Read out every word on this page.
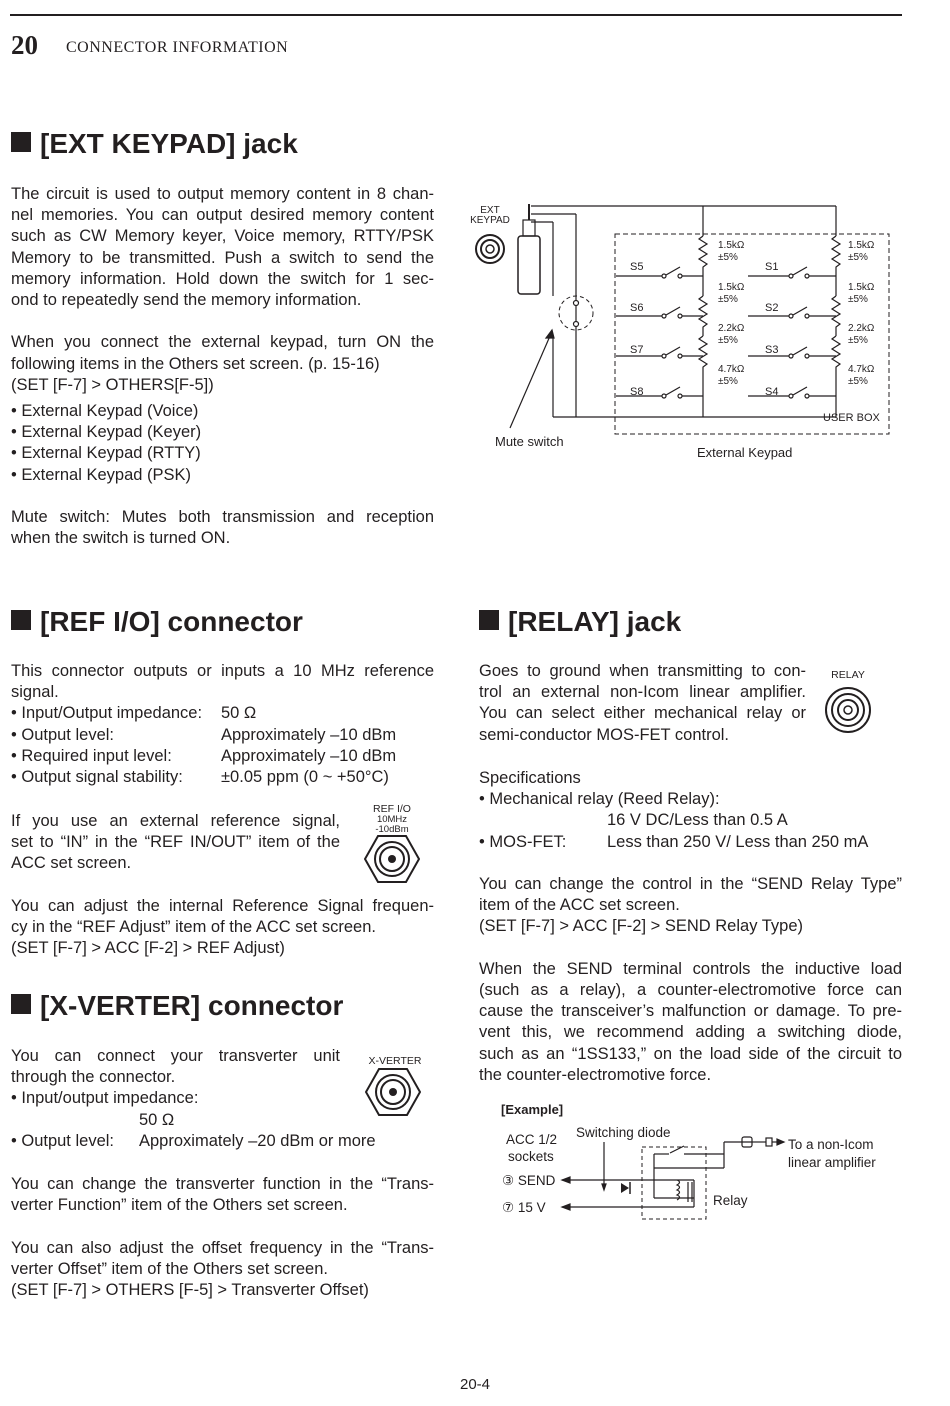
20 CONNECTOR INFORMATION
[EXT KEYPAD] jack
The circuit is used to output memory content in 8 chan-
nel memories. You can output desired memory content
such as CW Memory keyer, Voice memory, RTTY/PSK
Memory to be transmitted. Push a switch to send the
memory information. Hold down the switch for 1 sec-
ond to repeatedly send the memory information.
When you connect the external keypad, turn ON the
following items in the Others set screen. (p. 15-16)
(SET [F-7] > OTHERS[F-5])
• External Keypad (Voice)
• External Keypad (Keyer)
• External Keypad (RTTY)
• External Keypad (PSK)
Mute switch: Mutes both transmission and reception
when the switch is turned ON.
EXT
KEYPAD
S5
S6
S7
S8
S1
S2
S3
S4
1.5kΩ
±5%
1.5kΩ
±5%
2.2kΩ
±5%
4.7kΩ
±5%
1.5kΩ
±5%
1.5kΩ
±5%
2.2kΩ
±5%
4.7kΩ
±5%
USER BOX
Mute switch
External Keypad
[REF I/O] connector
This connector outputs or inputs a 10 MHz reference
signal.
• Input/Output impedance: 50 Ω
• Output level:	Approximately –10 dBm
• Required input level:	Approximately –10 dBm
• Output signal stability: ±0.05 ppm (0 ~ +50°C)
If you use an external reference signal,
set to “IN” in the “REF IN/OUT” item of the
ACC set screen.
REF I/O
10MHz
-10dBm
You can adjust the internal Reference Signal frequen-
cy in the “REF Adjust” item of the ACC set screen.
(SET [F-7] > ACC [F-2] > REF Adjust)
[X-VERTER] connector
You can connect your transverter unit
through the connector.
• Input/output impedance:
50 Ω
• Output level: Approximately –20 dBm or more
X-VERTER
You can change the transverter function in the “Trans-
verter Function” item of the Others set screen.
You can also adjust the offset frequency in the “Trans-
verter Offset” item of the Others set screen.
(SET [F-7] > OTHERS [F-5] > Transverter Offset)
[RELAY] jack
Goes to ground when transmitting to con-
trol an external non-Icom linear amplifier.
You can select either mechanical relay or
semi-conductor MOS-FET control.
RELAY
Specifications
• Mechanical relay (Reed Relay):
16 V DC/Less than 0.5 A
• MOS-FET: Less than 250 V/ Less than 250 mA
You can change the control in the “SEND Relay Type”
item of the ACC set screen.
(SET [F-7] > ACC [F-2] > SEND Relay Type)
When the SEND terminal controls the inductive load
(such as a relay), a counter-electromotive force can
cause the transceiver’s malfunction or damage. To pre-
vent this, we recommend adding a switching diode,
such as an “1SS133,” on the load side of the circuit to
the counter-electromotive force.
[Example]
ACC 1/2
sockets
③ SEND
⑦ 15 V
Switching diode
To a non-Icom
linear amplifier
Relay
20-4
